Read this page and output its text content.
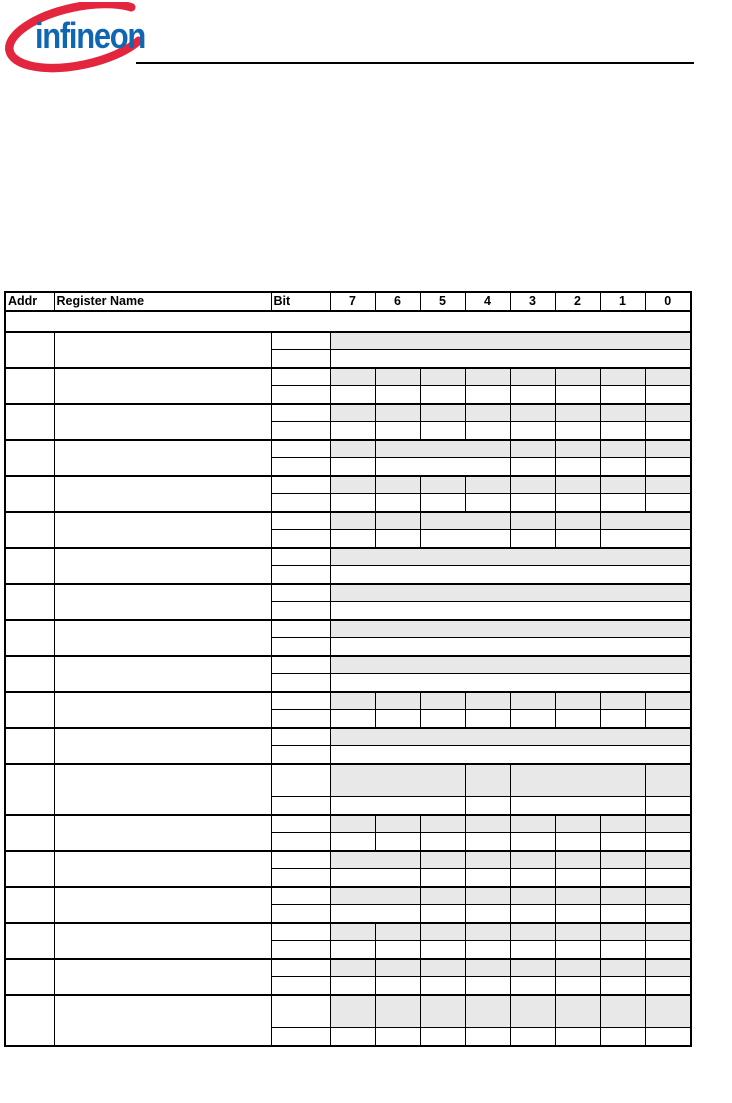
infineon
Addr	Register Name	Bit	7	6	5	4	3	2	1	0
